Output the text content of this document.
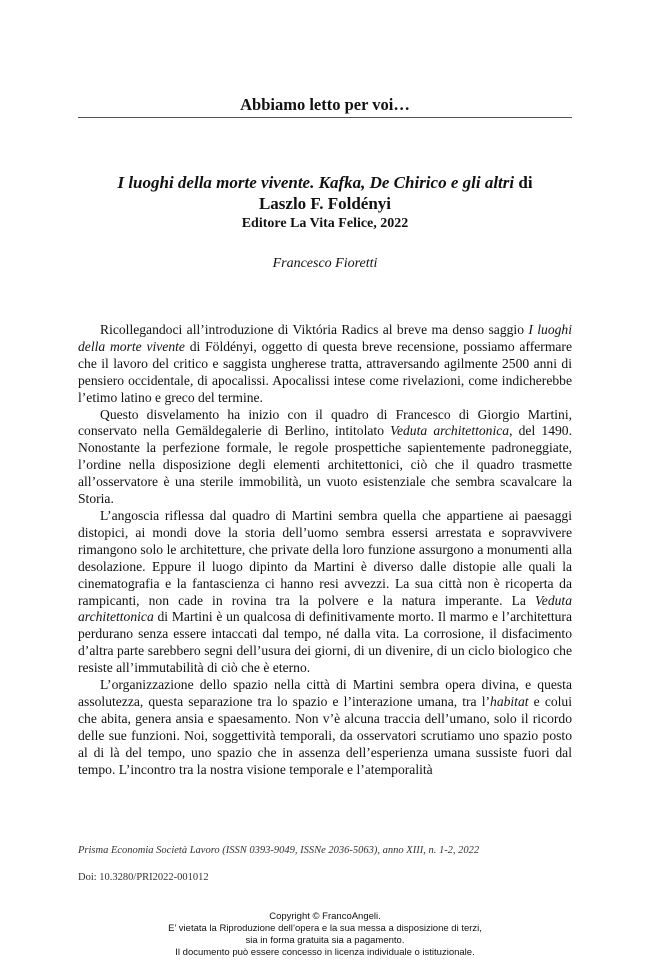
Abbiamo letto per voi…
I luoghi della morte vivente. Kafka, De Chirico e gli altri di
Laszlo F. Foldényi
Editore La Vita Felice, 2022
Francesco Fioretti

Ricollegandoci all’introduzione di Viktória Radics al breve ma denso saggio I luoghi della morte vivente di Földényi, oggetto di questa breve recensione, possiamo affermare che il lavoro del critico e saggista ungherese tratta, attraversando agilmente 2500 anni di pensiero occidentale, di apocalissi. Apocalissi intese come rivelazioni, come indicherebbe l’etimo latino e greco del termine.

Questo disvelamento ha inizio con il quadro di Francesco di Giorgio Martini, conservato nella Gemäldegalerie di Berlino, intitolato Veduta architettonica, del 1490. Nonostante la perfezione formale, le regole prospettiche sapientemente padroneggiate, l’ordine nella disposizione degli elementi architettonici, ciò che il quadro trasmette all’osservatore è una sterile immobilità, un vuoto esistenziale che sembra scavalcare la Storia.

L’angoscia riflessa dal quadro di Martini sembra quella che appartiene ai paesaggi distopici, ai mondi dove la storia dell’uomo sembra essersi arrestata e sopravvivere rimangono solo le architetture, che private della loro funzione assurgono a monumenti alla desolazione. Eppure il luogo dipinto da Martini è diverso dalle distopie alle quali la cinematografia e la fantascienza ci hanno resi avvezzi. La sua città non è ricoperta da rampicanti, non cade in rovina tra la polvere e la natura imperante. La Veduta architettonica di Martini è un qualcosa di definitivamente morto. Il marmo e l’architettura perdurano senza essere intaccati dal tempo, né dalla vita. La corrosione, il disfacimento d’altra parte sarebbero segni dell’usura dei giorni, di un divenire, di un ciclo biologico che resiste all’immutabilità di ciò che è eterno.

L’organizzazione dello spazio nella città di Martini sembra opera divina, e questa assolutezza, questa separazione tra lo spazio e l’interazione umana, tra l’habitat e colui che abita, genera ansia e spaesamento. Non v’è alcuna traccia dell’umano, solo il ricordo delle sue funzioni. Noi, soggettività temporali, da osservatori scrutiamo uno spazio posto al di là del tempo, uno spazio che in assenza dell’esperienza umana sussiste fuori dal tempo. L’incontro tra la nostra visione temporale e l’atemporalità

Prisma Economia Società Lavoro (ISSN 0393-9049, ISSNe 2036-5063), anno XIII, n. 1-2, 2022
Doi: 10.3280/PRI2022-001012
Copyright © FrancoAngeli.
E’ vietata la Riproduzione dell’opera e la sua messa a disposizione di terzi,
sia in forma gratuita sia a pagamento.
Il documento può essere concesso in licenza individuale o istituzionale.
